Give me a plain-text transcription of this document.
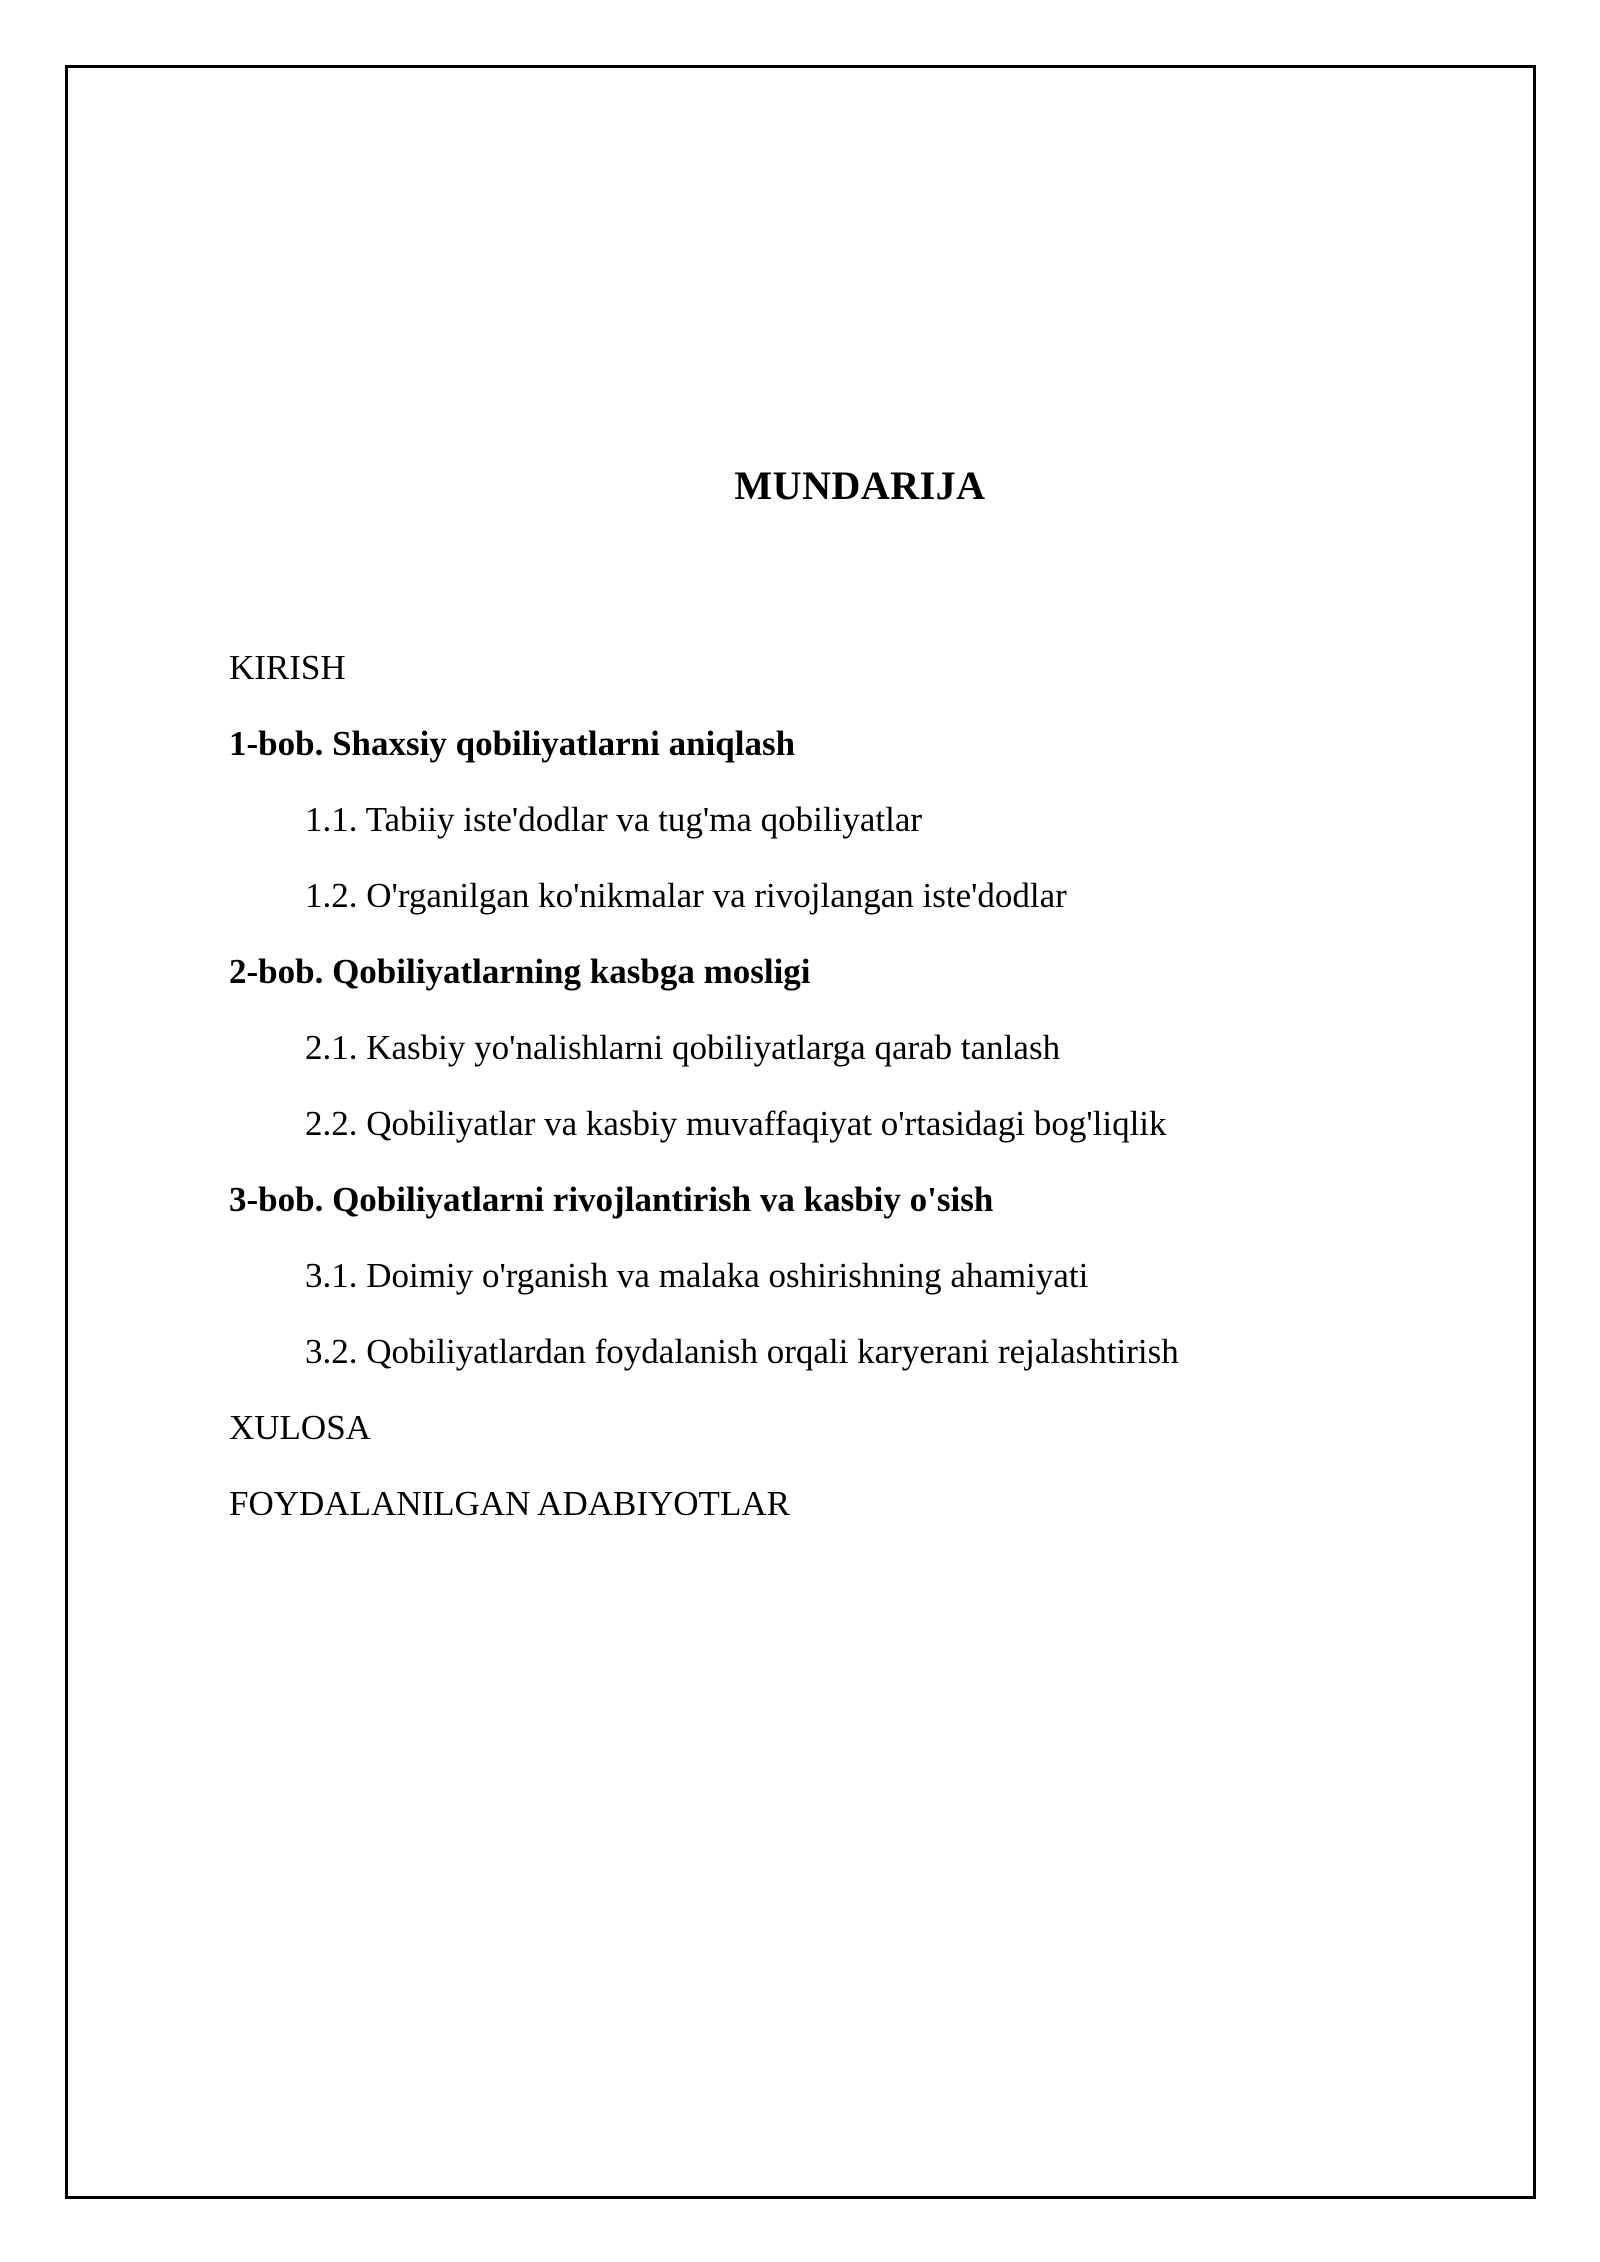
MUNDARIJA
KIRISH
1-bob. Shaxsiy qobiliyatlarni aniqlash
1.1. Tabiiy iste'dodlar va tug'ma qobiliyatlar
1.2. O'rganilgan ko'nikmalar va rivojlangan iste'dodlar
2-bob. Qobiliyatlarning kasbga mosligi
2.1. Kasbiy yo'nalishlarni qobiliyatlarga qarab tanlash
2.2. Qobiliyatlar va kasbiy muvaffaqiyat o'rtasidagi bog'liqlik
3-bob. Qobiliyatlarni rivojlantirish va kasbiy o'sish
3.1. Doimiy o'rganish va malaka oshirishning ahamiyati
3.2. Qobiliyatlardan foydalanish orqali karyerani rejalashtirish
XULOSA
FOYDALANILGAN ADABIYOTLAR
